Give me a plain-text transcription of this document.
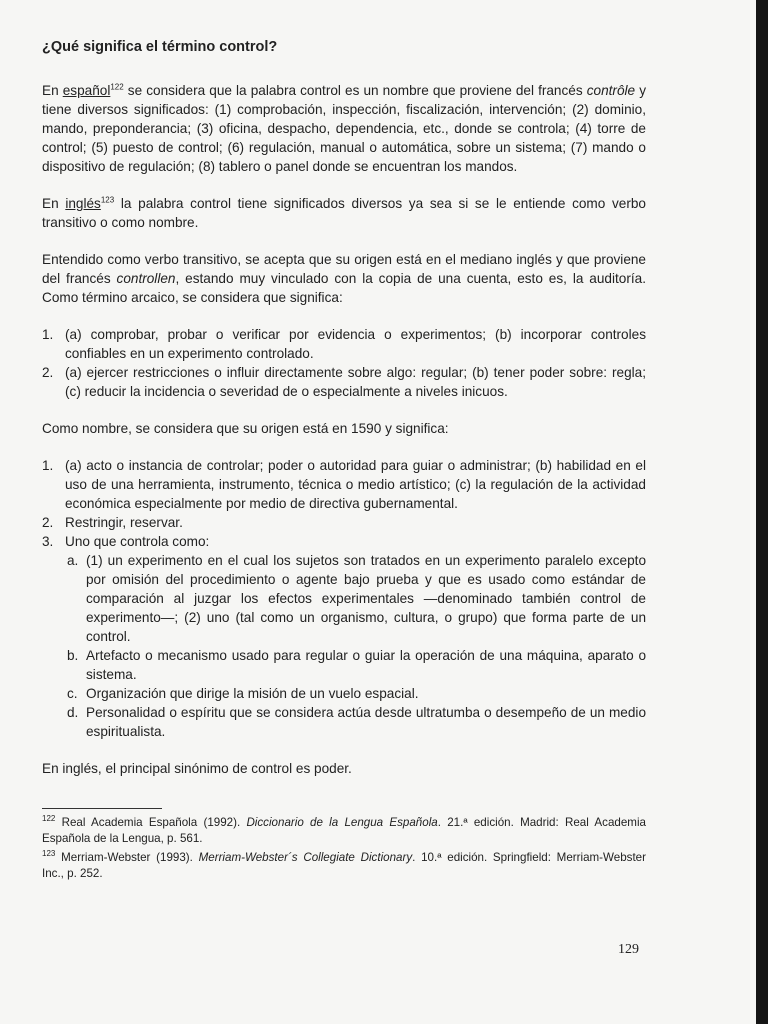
¿Qué significa el término control?

En español$^{122}$ se considera que la palabra control es un nombre que proviene del francés contrôle y tiene diversos significados: (1) comprobación, inspección, fiscalización, intervención; (2) dominio, mando, preponderancia; (3) oficina, despacho, dependencia, etc., donde se controla; (4) torre de control; (5) puesto de control; (6) regulación, manual o automática, sobre un sistema; (7) mando o dispositivo de regulación; (8) tablero o panel donde se encuentran los mandos.

En inglés$^{123}$ la palabra control tiene significados diversos ya sea si se le entiende como verbo transitivo o como nombre.

Entendido como verbo transitivo, se acepta que su origen está en el mediano inglés y que proviene del francés controllen, estando muy vinculado con la copia de una cuenta, esto es, la auditoría. Como término arcaico, se considera que significa:

1. (a) comprobar, probar o verificar por evidencia o experimentos; (b) incorporar controles confiables en un experimento controlado.
2. (a) ejercer restricciones o influir directamente sobre algo: regular; (b) tener poder sobre: regla; (c) reducir la incidencia o severidad de o especialmente a niveles inicuos.

Como nombre, se considera que su origen está en 1590 y significa:

1. (a) acto o instancia de controlar; poder o autoridad para guiar o administrar; (b) habilidad en el uso de una herramienta, instrumento, técnica o medio artístico; (c) la regulación de la actividad económica especialmente por medio de directiva gubernamental.
2. Restringir, reservar.
3. Uno que controla como:
a. (1) un experimento en el cual los sujetos son tratados en un experimento paralelo excepto por omisión del procedimiento o agente bajo prueba y que es usado como estándar de comparación al juzgar los efectos experimentales —denominado también control de experimento—; (2) uno (tal como un organismo, cultura, o grupo) que forma parte de un control.
b. Artefacto o mecanismo usado para regular o guiar la operación de una máquina, aparato o sistema.
c. Organización que dirige la misión de un vuelo espacial.
d. Personalidad o espíritu que se considera actúa desde ultratumba o desempeño de un medio espiritualista.

En inglés, el principal sinónimo de control es poder.

$^{122}$ Real Academia Española (1992). Diccionario de la Lengua Española. 21.ª edición. Madrid: Real Academia Española de la Lengua, p. 561.

$^{123}$ Merriam-Webster (1993). Merriam-Webster´s Collegiate Dictionary. 10.ª edición. Springfield: Merriam-Webster Inc., p. 252.

129
